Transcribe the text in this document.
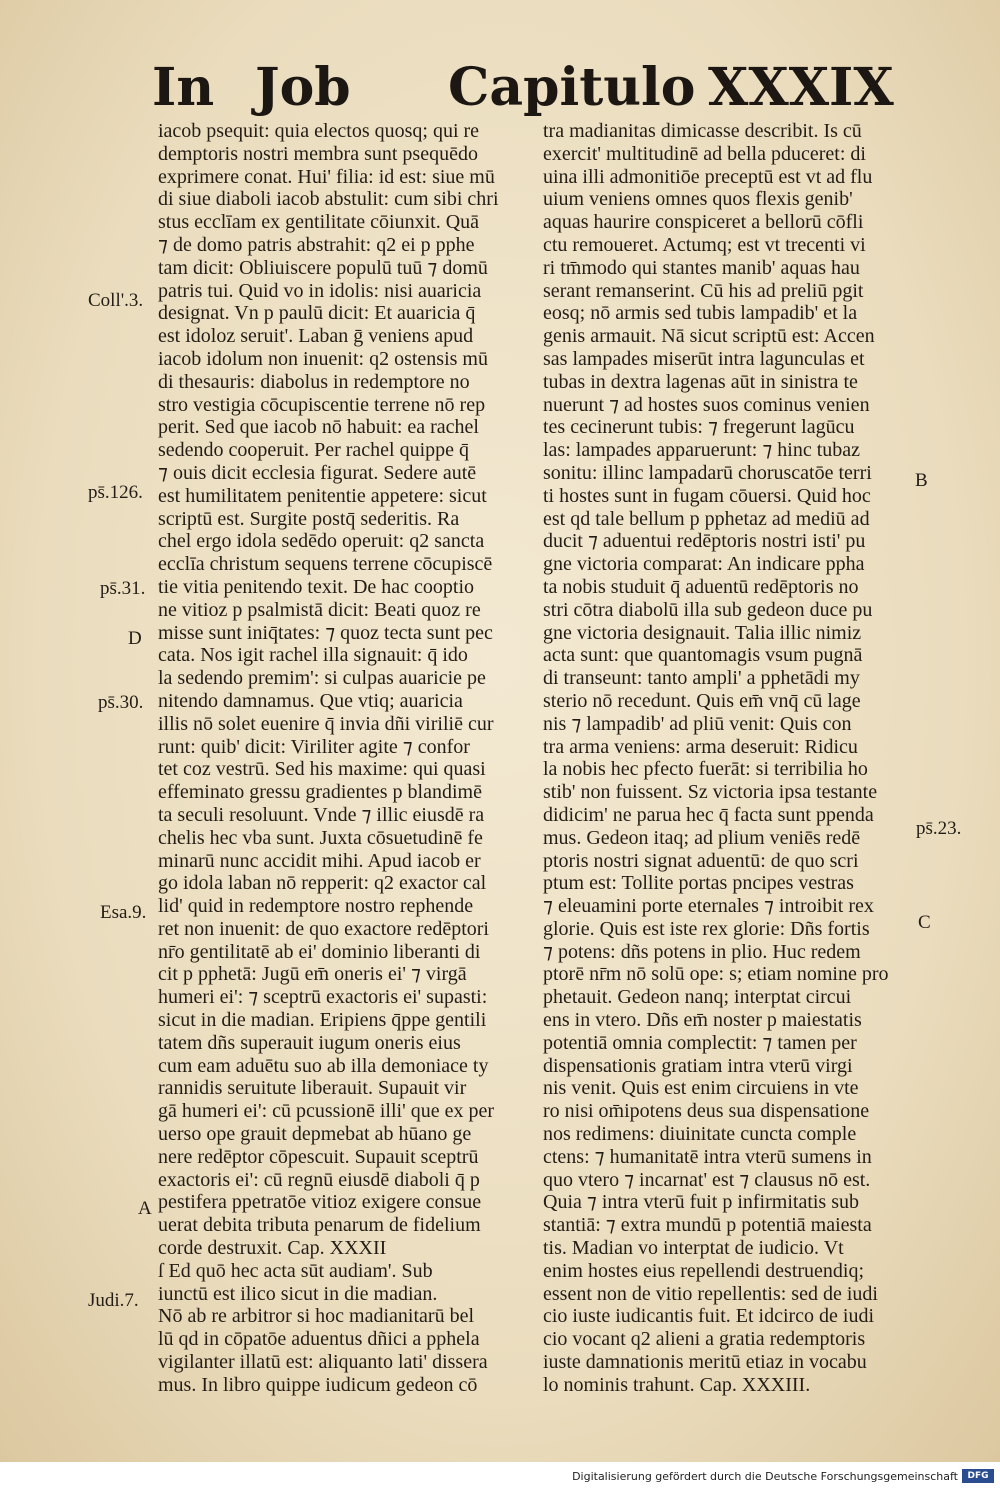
In Job Capitulo XXXIX
iacob psequit: quia electos quosq; qui re
demptoris nostri membra sunt psequēdo
exprimere conat. Hui' filia: id est: siue mū
di siue diaboli iacob abstulit: cum sibi chri
stus ecclīam ex gentilitate cōiunxit. Quā
⁊ de domo patris abstrahit: q2 ei p pphe
tam dicit: Obliuiscere populū tuū ⁊ domū
patris tui. Quid vo in idolis: nisi auaricia
designat. Vn p paulū dicit: Et auaricia q̄
est idoloz seruit'. Laban ḡ veniens apud
iacob idolum non inuenit: q2 ostensis mū
di thesauris: diabolus in redemptore no
stro vestigia cōcupiscentie terrene nō rep
perit. Sed que iacob nō habuit: ea rachel
sedendo cooperuit. Per rachel quippe q̄
⁊ ouis dicit ecclesia figurat. Sedere autē
est humilitatem penitentie appetere: sicut
scriptū est. Surgite postq̄ sederitis. Ra
chel ergo idola sedēdo operuit: q2 sancta
ecclīa christum sequens terrene cōcupiscē
tie vitia penitendo texit. De hac cooptio
ne vitioz p psalmistā dicit: Beati quoz re
misse sunt iniq̄tates: ⁊ quoz tecta sunt pec
cata. Nos igit rachel illa signauit: q̄ ido
la sedendo premim': si culpas auaricie pe
nitendo damnamus. Que vtiq; auaricia
illis nō solet euenire q̄ invia dñi viriliē cur
runt: quib' dicit: Viriliter agite ⁊ confor
tet coz vestrū. Sed his maxime: qui quasi
effeminato gressu gradientes p blandimē
ta seculi resoluunt. Vnde ⁊ illic eiusdē ra
chelis hec vba sunt. Juxta cōsuetudinē fe
minarū nunc accidit mihi. Apud iacob er
go idola laban nō repperit: q2 exactor cal
lid' quid in redemptore nostro rephende
ret non inuenit: de quo exactore redēptori
nr̄o gentilitatē ab ei' dominio liberanti di
cit p pphetā: Jugū em̄ oneris ei' ⁊ virgā
humeri ei': ⁊ sceptrū exactoris ei' supasti:
sicut in die madian. Eripiens q̄ppe gentili
tatem dñs superauit iugum oneris eius
cum eam aduētu suo ab illa demoniace ty
rannidis seruitute liberauit. Supauit vir
gā humeri ei': cū pcussionē illi' que ex per
uerso ope grauit depmebat ab hūano ge
nere redēptor cōpescuit. Supauit sceptrū
exactoris ei': cū regnū eiusdē diaboli q̄ p
pestifera ppetratōe vitioz exigere consue
uerat debita tributa penarum de fidelium
corde destruxit. Cap. XXXII
ſ Ed quō hec acta sūt audiam'. Sub
iunctū est ilico sicut in die madian.
Nō ab re arbitror si hoc madianitarū bel
lū qd in cōpatōe aduentus dñici a pphela
vigilanter illatū est: aliquanto lati' dissera
mus. In libro quippe iudicum gedeon cō
tra madianitas dimicasse describit. Is cū
exercit' multitudinē ad bella pduceret: di
uina illi admonitiōe preceptū est vt ad flu
uium veniens omnes quos flexis genib'
aquas haurire conspiceret a bellorū cōfli
ctu remoueret. Actumq; est vt trecenti vi
ri tm̄modo qui stantes manib' aquas hau
serant remanserint. Cū his ad preliū pgit
eosq; nō armis sed tubis lampadib' et la
genis armauit. Nā sicut scriptū est: Accen
sas lampades miserūt intra lagunculas et
tubas in dextra lagenas aūt in sinistra te
nuerunt ⁊ ad hostes suos cominus venien
tes cecinerunt tubis: ⁊ fregerunt lagūcu
las: lampades apparuerunt: ⁊ hinc tubaz
sonitu: illinc lampadarū choruscatōe terri
ti hostes sunt in fugam cōuersi. Quid hoc
est qd tale bellum p pphetaz ad mediū ad
ducit ⁊ aduentui redēptoris nostri isti' pu
gne victoria comparat: An indicare ppha
ta nobis studuit q̄ aduentū redēptoris no
stri cōtra diabolū illa sub gedeon duce pu
gne victoria designauit. Talia illic nimiz
acta sunt: que quantomagis vsum pugnā
di transeunt: tanto ampli' a pphetādi my
sterio nō recedunt. Quis em̄ vnq̄ cū lage
nis ⁊ lampadib' ad pliū venit: Quis con
tra arma veniens: arma deseruit: Ridicu
la nobis hec pfecto fuerāt: si terribilia ho
stib' non fuissent. Sz victoria ipsa testante
didicim' ne parua hec q̄ facta sunt ppenda
mus. Gedeon itaq; ad plium veniēs redē
ptoris nostri signat aduentū: de quo scri
ptum est: Tollite portas pncipes vestras
⁊ eleuamini porte eternales ⁊ introibit rex
glorie. Quis est iste rex glorie: Dñs fortis
⁊ potens: dñs potens in plio. Huc redem
ptorē nr̄m nō solū ope: s; etiam nomine pro
phetauit. Gedeon nanq; interptat circui
ens in vtero. Dñs em̄ noster p maiestatis
potentiā omnia complectit: ⁊ tamen per
dispensationis gratiam intra vterū virgi
nis venit. Quis est enim circuiens in vte
ro nisi om̄ipotens deus sua dispensatione
nos redimens: diuinitate cuncta comple
ctens: ⁊ humanitatē intra vterū sumens in
quo vtero ⁊ incarnat' est ⁊ clausus nō est.
Quia ⁊ intra vterū fuit p infirmitatis sub
stantiā: ⁊ extra mundū p potentiā maiesta
tis. Madian vo interptat de iudicio. Vt
enim hostes eius repellendi destruendiq;
essent non de vitio repellentis: sed de iudi
cio iuste iudicantis fuit. Et idcirco de iudi
cio vocant q2 alieni a gratia redemptoris
iuste damnationis meritū etiaz in vocabu
lo nominis trahunt. Cap. XXXIII.
Coll'.3.
ps̄.126.
ps̄.31.
D
ps̄.30.
Esa.9.
A
Judi.7.
B
ps̄.23.
C
Digitalisierung gefördert durch die Deutsche Forschungsgemeinschaft	DFG
